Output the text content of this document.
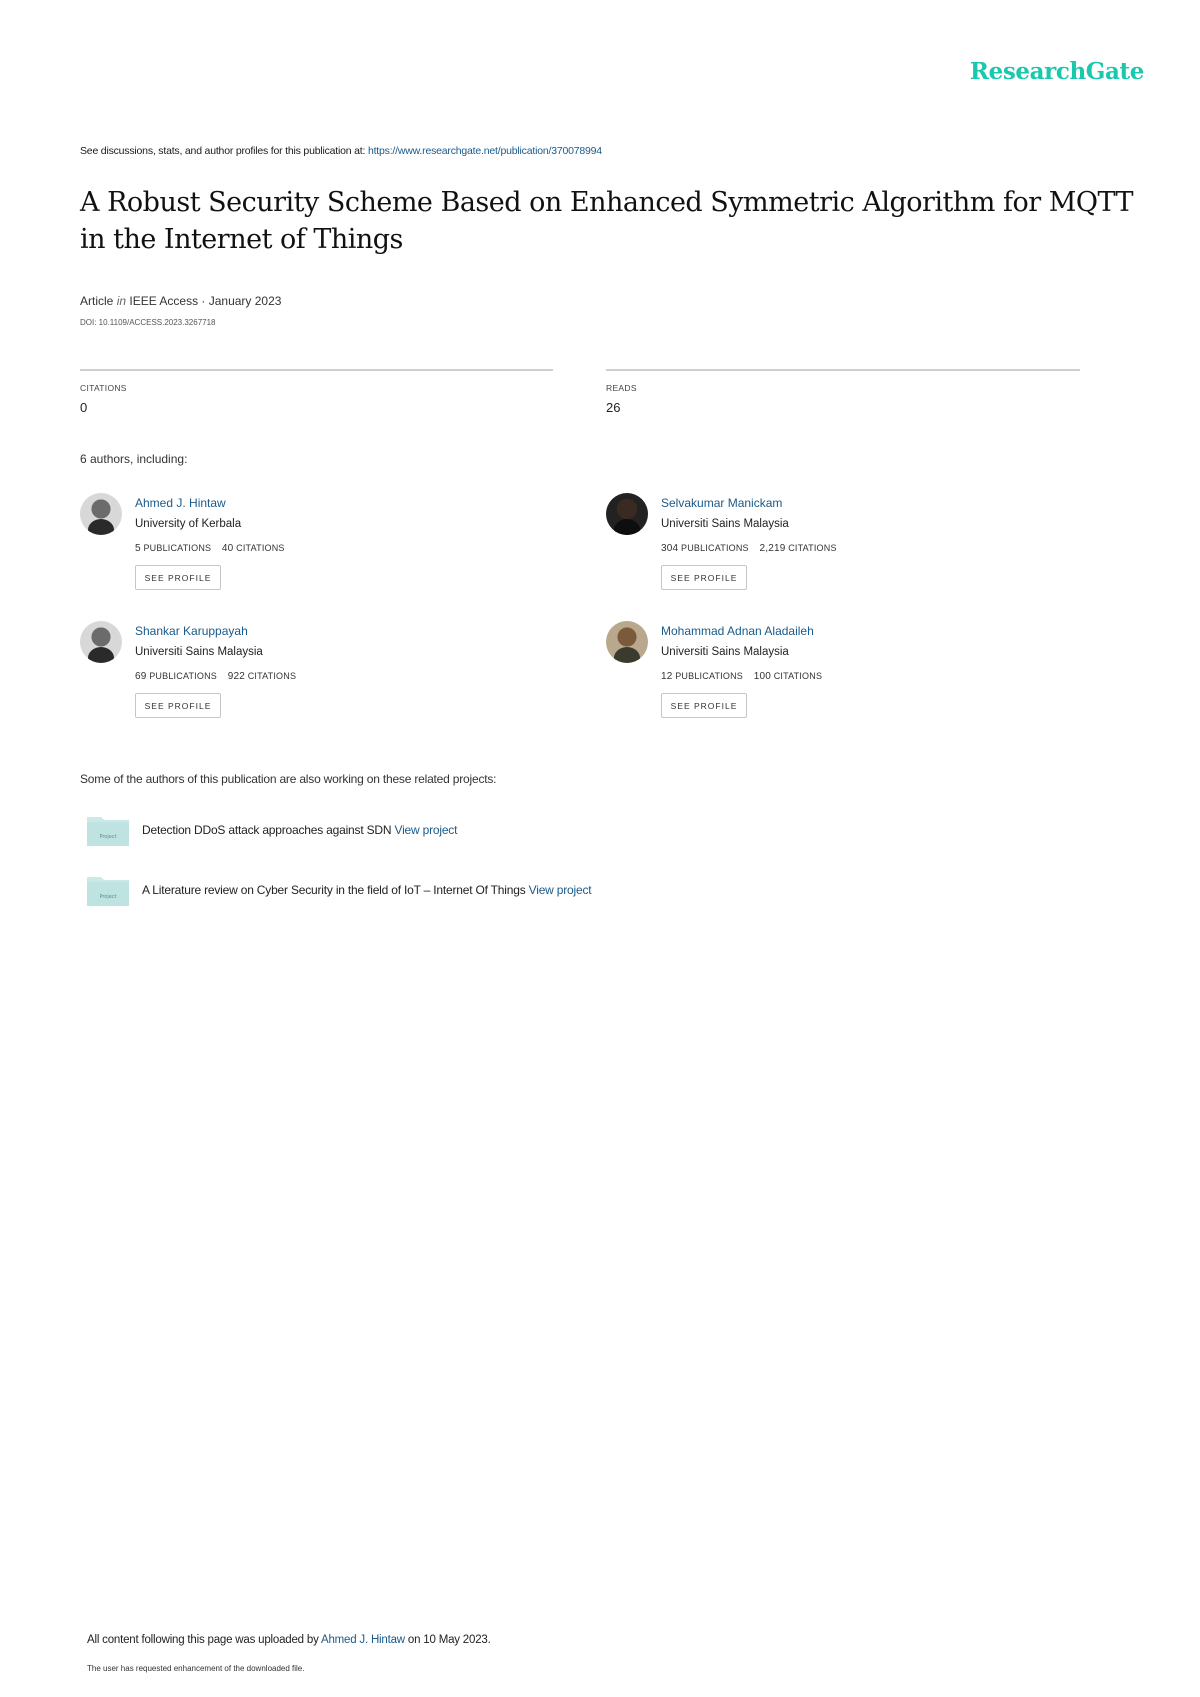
ResearchGate
See discussions, stats, and author profiles for this publication at: https://www.researchgate.net/publication/370078994
A Robust Security Scheme Based on Enhanced Symmetric Algorithm for MQTT
in the Internet of Things
Article in IEEE Access · January 2023
DOI: 10.1109/ACCESS.2023.3267718
CITATIONS
0
READS
26
6 authors, including:
Ahmed J. Hintaw
University of Kerbala
5 PUBLICATIONS 40 CITATIONS
SEE PROFILE
Selvakumar Manickam
Universiti Sains Malaysia
304 PUBLICATIONS 2,219 CITATIONS
SEE PROFILE
Shankar Karuppayah
Universiti Sains Malaysia
69 PUBLICATIONS 922 CITATIONS
SEE PROFILE
Mohammad Adnan Aladaileh
Universiti Sains Malaysia
12 PUBLICATIONS 100 CITATIONS
SEE PROFILE
Some of the authors of this publication are also working on these related projects:
Project Detection DDoS attack approaches against SDN View project
Project A Literature review on Cyber Security in the field of IoT – Internet Of Things View project
All content following this page was uploaded by Ahmed J. Hintaw on 10 May 2023.
The user has requested enhancement of the downloaded file.
